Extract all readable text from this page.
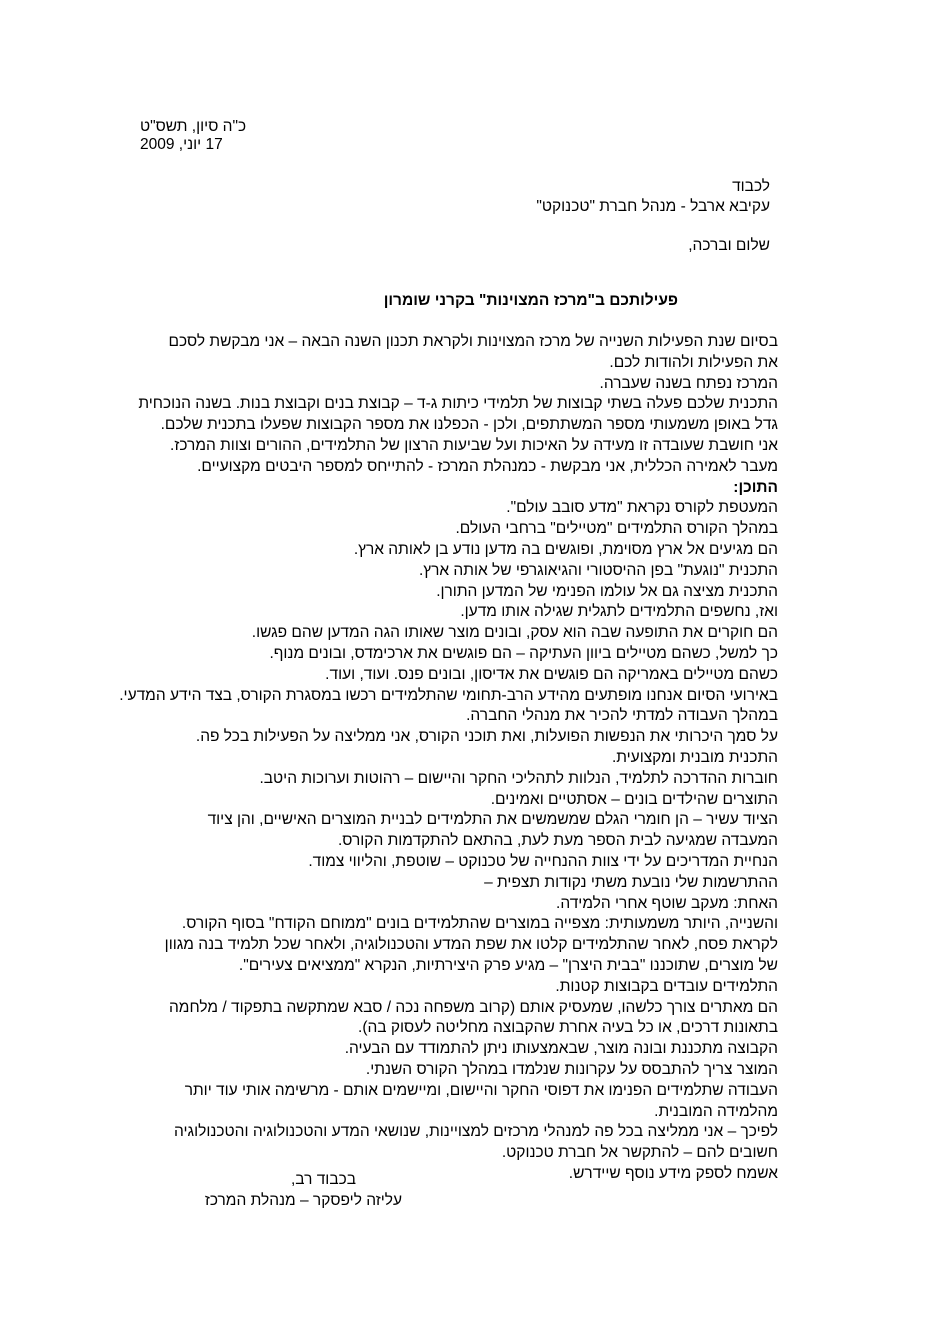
כ"ה סיון, תשס"ט
17 יוני, 2009
לכבוד
עקיבא ארבל - מנהל חברת "טכנוקט"
שלום וברכה,
פעילותכם ב"מרכז המצוינות" בקרני שומרון
בכבוד רב,
עליזה ליפסקר – מנהלת המרכז
בסיום שנת הפעילות השנייה של מרכז המצוינות ולקראת תכנון השנה הבאה – אני מבקשת לסכם
את הפעילות ולהודות לכם.
המרכז נפתח בשנה שעברה.
התכנית שלכם פעלה בשתי קבוצות של תלמידי כיתות ג-ד – קבוצת בנים וקבוצת בנות. בשנה הנוכחית
גדל באופן משמעותי מספר המשתתפים, ולכן - הכפלנו את מספר הקבוצות שפעלו בתכנית שלכם.
אני חושבת שעובדה זו מעידה על האיכות ועל שביעות הרצון של התלמידים, ההורים וצוות המרכז.
מעבר לאמירה הכללית, אני מבקשת - כמנהלת המרכז - להתייחס למספר היבטים מקצועיים.
התוכן:
המעטפת לקורס נקראת "מדע סובב עולם".
במהלך הקורס התלמידים "מטיילים" ברחבי העולם.
הם מגיעים אל ארץ מסוימת, ופוגשים בה מדען נודע בן לאותה ארץ.
התכנית "נוגעת" בפן ההיסטורי והגיאוגרפי של אותה ארץ.
התכנית מציצה גם אל עולמו הפנימי של המדען התורן.
ואז, נחשפים התלמידים לתגלית שגילה אותו מדען.
הם חוקרים את התופעה שבה הוא עסק, ובונים מוצר שאותו הגה המדען שהם פגשו.
כך למשל, כשהם מטיילים ביוון העתיקה – הם פוגשים את ארכימדס, ובונים מנוף.
כשהם מטיילים באמריקה הם פוגשים את אדיסון, ובונים פנס. ועוד, ועוד.
באירועי הסיום אנחנו מופתעים מהידע הרב-תחומי שהתלמידים רכשו במסגרת הקורס, בצד הידע המדעי.
במהלך העבודה למדתי להכיר את מנהלי החברה.
על סמך היכרותי את הנפשות הפועלות, ואת תוכני הקורס, אני ממליצה על הפעילות בכל פה.
התכנית מובנית ומקצועית.
חוברות ההדרכה לתלמיד, הנלוות לתהליכי החקר והיישום – רהוטות וערוכות היטב.
התוצרים שהילדים בונים – אסתטיים ואמינים.
הציוד עשיר – הן חומרי הגלם שמשמשים את התלמידים לבניית המוצרים האישיים, והן ציוד
המעבדה שמגיעה לבית הספר מעת לעת, בהתאם להתקדמות הקורס.
הנחיית המדריכים על ידי צוות ההנחייה של טכנוקט – שוטפת, והליווי צמוד.
ההתרשמות שלי נובעת משתי נקודות תצפית –
האחת: מעקב שוטף אחרי הלמידה.
והשנייה, היותר משמעותית: מצפייה במוצרים שהתלמידים בונים "ממוחם הקודח" בסוף הקורס.
לקראת פסח, לאחר שהתלמידים קלטו את שפת המדע והטכנולוגיה, ולאחר שכל תלמיד בנה מגוון
של מוצרים, שתוכננו "בבית היצרן" – מגיע פרק היצירתיות, הנקרא "ממציאים צעירים".
התלמידים עובדים בקבוצות קטנות.
הם מאתרים צורך כלשהו, שמעסיק אותם (קרוב משפחה נכה / סבא שמתקשה בתפקוד / מלחמה
בתאונות דרכים, או כל בעיה אחרת שהקבוצה מחליטה לעסוק בה).
הקבוצה מתכננת ובונה מוצר, שבאמצעותו ניתן להתמודד עם הבעיה.
המוצר צריך להתבסס על עקרונות שנלמדו במהלך הקורס השנתי.
העבודה שתלמידים הפנימו את דפוסי החקר והיישום, ומיישמים אותם - מרשימה אותי עוד יותר
מהלמידה המובנית.
לפיכך – אני ממליצה בכל פה למנהלי מרכזים למצויינות, שנושאי המדע והטכנולוגיה והטכנולוגיה
חשובים להם – להתקשר אל חברת טכנוקט.
אשמח לספק מידע נוסף שיידרש.
